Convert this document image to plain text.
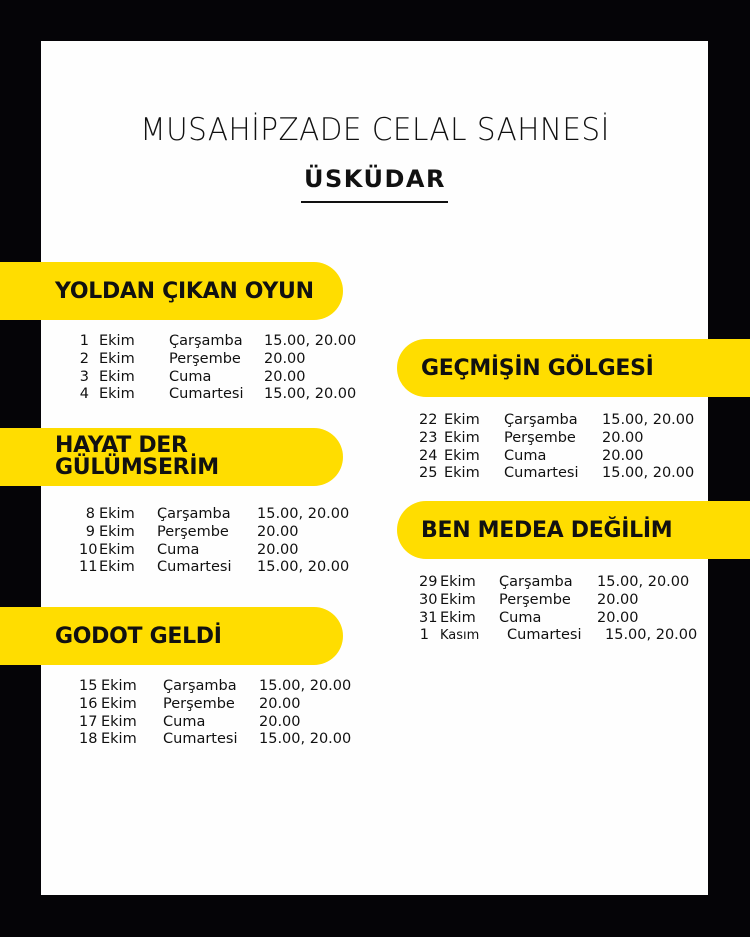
MUSAHİPZADE CELAL SAHNESİ
ÜSKÜDAR
YOLDAN ÇIKAN OYUN
1 Ekim	Çarşamba	15.00, 20.00
2 Ekim	Perşembe	20.00
3 Ekim	Cuma	20.00
4 Ekim	Cumartesi	15.00, 20.00
HAYAT DER
GÜLÜMSERİM
8 Ekim	Çarşamba	15.00, 20.00
9 Ekim	Perşembe	20.00
10 Ekim	Cuma	20.00
11 Ekim	Cumartesi	15.00, 20.00
GODOT GELDİ
15 Ekim	Çarşamba	15.00, 20.00
16 Ekim	Perşembe	20.00
17 Ekim	Cuma	20.00
18 Ekim	Cumartesi	15.00, 20.00
GEÇMİŞİN GÖLGESİ
22 Ekim	Çarşamba	15.00, 20.00
23 Ekim	Perşembe	20.00
24 Ekim	Cuma	20.00
25 Ekim	Cumartesi	15.00, 20.00
BEN MEDEA DEĞİLİM
29 Ekim	Çarşamba	15.00, 20.00
30 Ekim	Perşembe	20.00
31 Ekim	Cuma	20.00
1 Kasım	Cumartesi	15.00, 20.00
